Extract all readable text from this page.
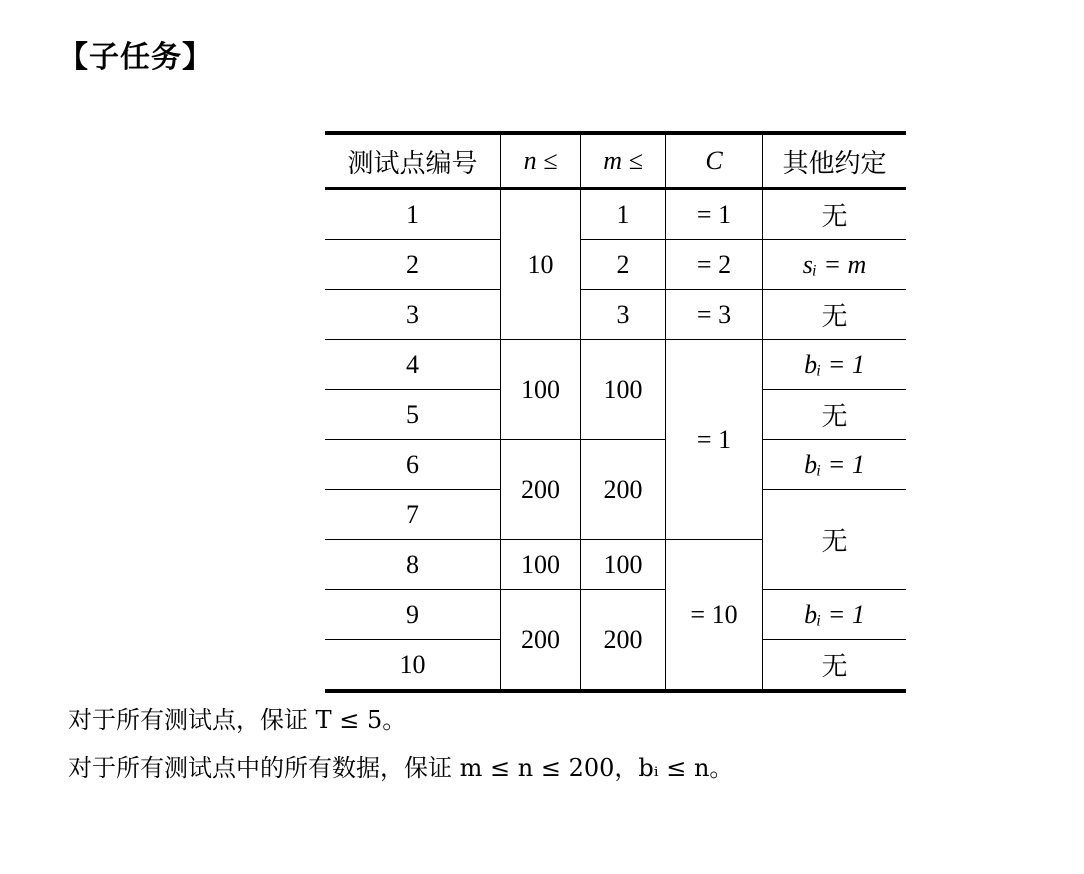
【子任务】
测试点编号	n ≤	m ≤	C	其他约定
1	10	1	= 1	无
2		2	= 2	sᵢ = m
3		3	= 3	无
4	100	100	= 1	bᵢ = 1
5				无
6	200	200		bᵢ = 1
7				无
8	100	100	= 10	
9	200	200		bᵢ = 1
10				无
对于所有测试点，保证 T ≤ 5。
对于所有测试点中的所有数据，保证 m ≤ n ≤ 200，bᵢ ≤ n。
